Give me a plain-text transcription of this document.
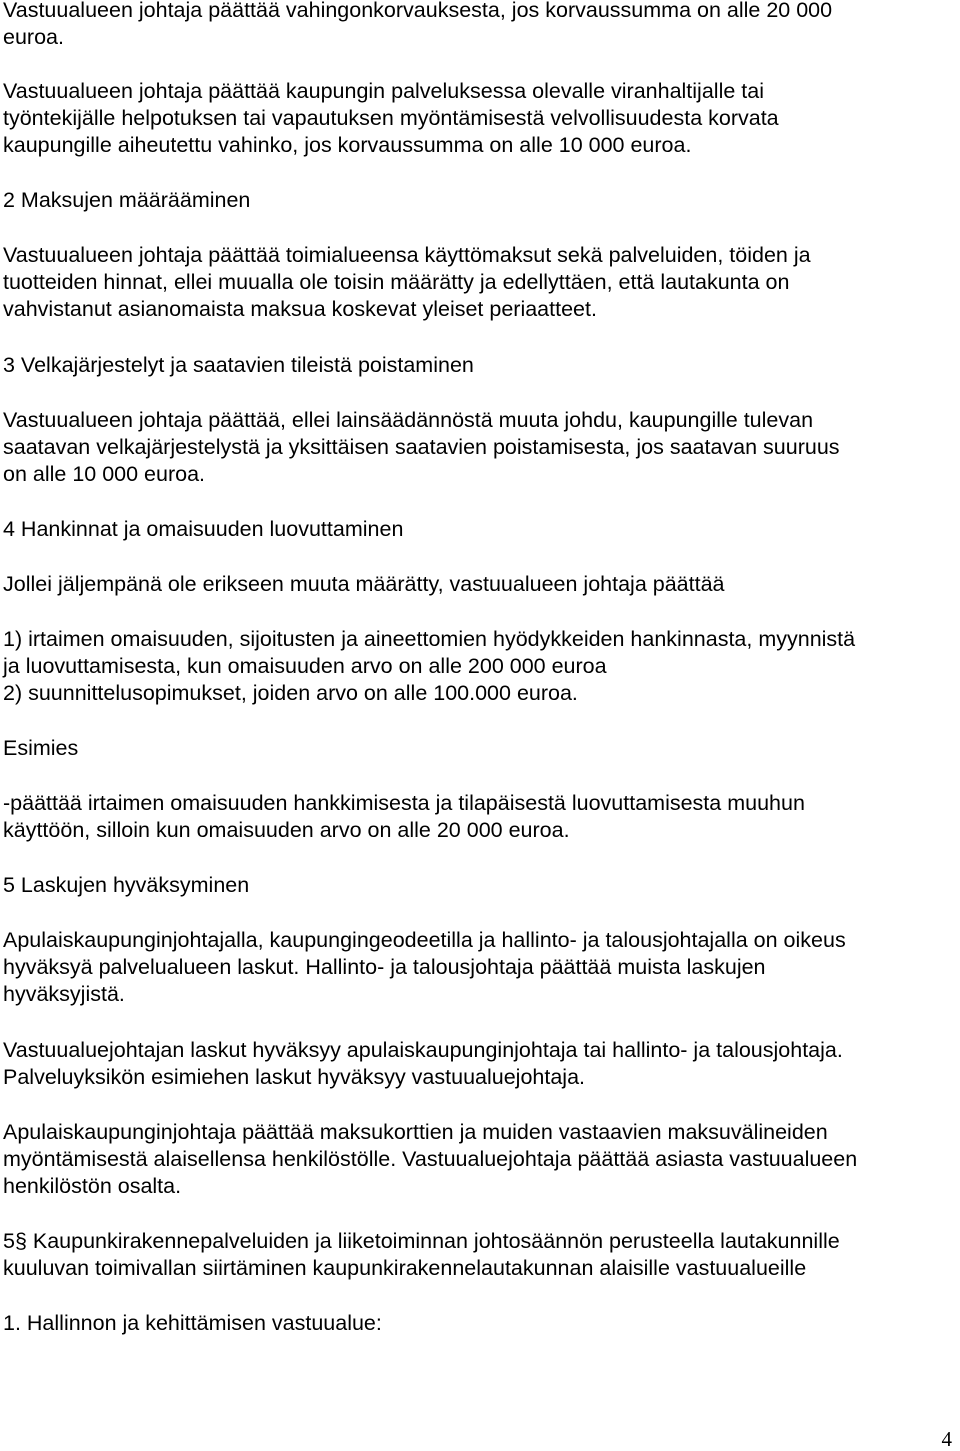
Vastuualueen johtaja päättää vahingonkorvauksesta, jos korvaussumma on alle 20 000
euroa.
Vastuualueen johtaja päättää kaupungin palveluksessa olevalle viranhaltijalle tai
työntekijälle helpotuksen tai vapautuksen myöntämisestä velvollisuudesta korvata
kaupungille aiheutettu vahinko, jos korvaussumma on alle 10 000 euroa.
2 Maksujen määrääminen
Vastuualueen johtaja päättää toimialueensa käyttömaksut sekä palveluiden, töiden ja
tuotteiden hinnat, ellei muualla ole toisin määrätty ja edellyttäen, että lautakunta on
vahvistanut asianomaista maksua koskevat yleiset periaatteet.
3 Velkajärjestelyt ja saatavien tileistä poistaminen
Vastuualueen johtaja päättää, ellei lainsäädännöstä muuta johdu, kaupungille tulevan
saatavan velkajärjestelystä ja yksittäisen saatavien poistamisesta, jos saatavan suuruus
on alle 10 000 euroa.
4 Hankinnat ja omaisuuden luovuttaminen
Jollei jäljempänä ole erikseen muuta määrätty, vastuualueen johtaja päättää
1) irtaimen omaisuuden, sijoitusten ja aineettomien hyödykkeiden hankinnasta, myynnistä
ja luovuttamisesta, kun omaisuuden arvo on alle 200 000 euroa
2) suunnittelusopimukset, joiden arvo on alle 100.000 euroa.
Esimies
-päättää irtaimen omaisuuden hankkimisesta ja tilapäisestä luovuttamisesta muuhun
käyttöön, silloin kun omaisuuden arvo on alle 20 000 euroa.
5 Laskujen hyväksyminen
Apulaiskaupunginjohtajalla, kaupungingeodeetilla ja hallinto- ja talousjohtajalla on oikeus
hyväksyä palvelualueen laskut. Hallinto- ja talousjohtaja päättää muista laskujen
hyväksyjistä.
Vastuualuejohtajan laskut hyväksyy apulaiskaupunginjohtaja tai hallinto- ja talousjohtaja.
Palveluyksikön esimiehen laskut hyväksyy vastuualuejohtaja.
Apulaiskaupunginjohtaja päättää maksukorttien ja muiden vastaavien maksuvälineiden
myöntämisestä alaisellensa henkilöstölle. Vastuualuejohtaja päättää asiasta vastuualueen
henkilöstön osalta.
5§ Kaupunkirakennepalveluiden ja liiketoiminnan johtosäännön perusteella lautakunnille
kuuluvan toimivallan siirtäminen kaupunkirakennelautakunnan alaisille vastuualueille
1. Hallinnon ja kehittämisen vastuualue:
4
